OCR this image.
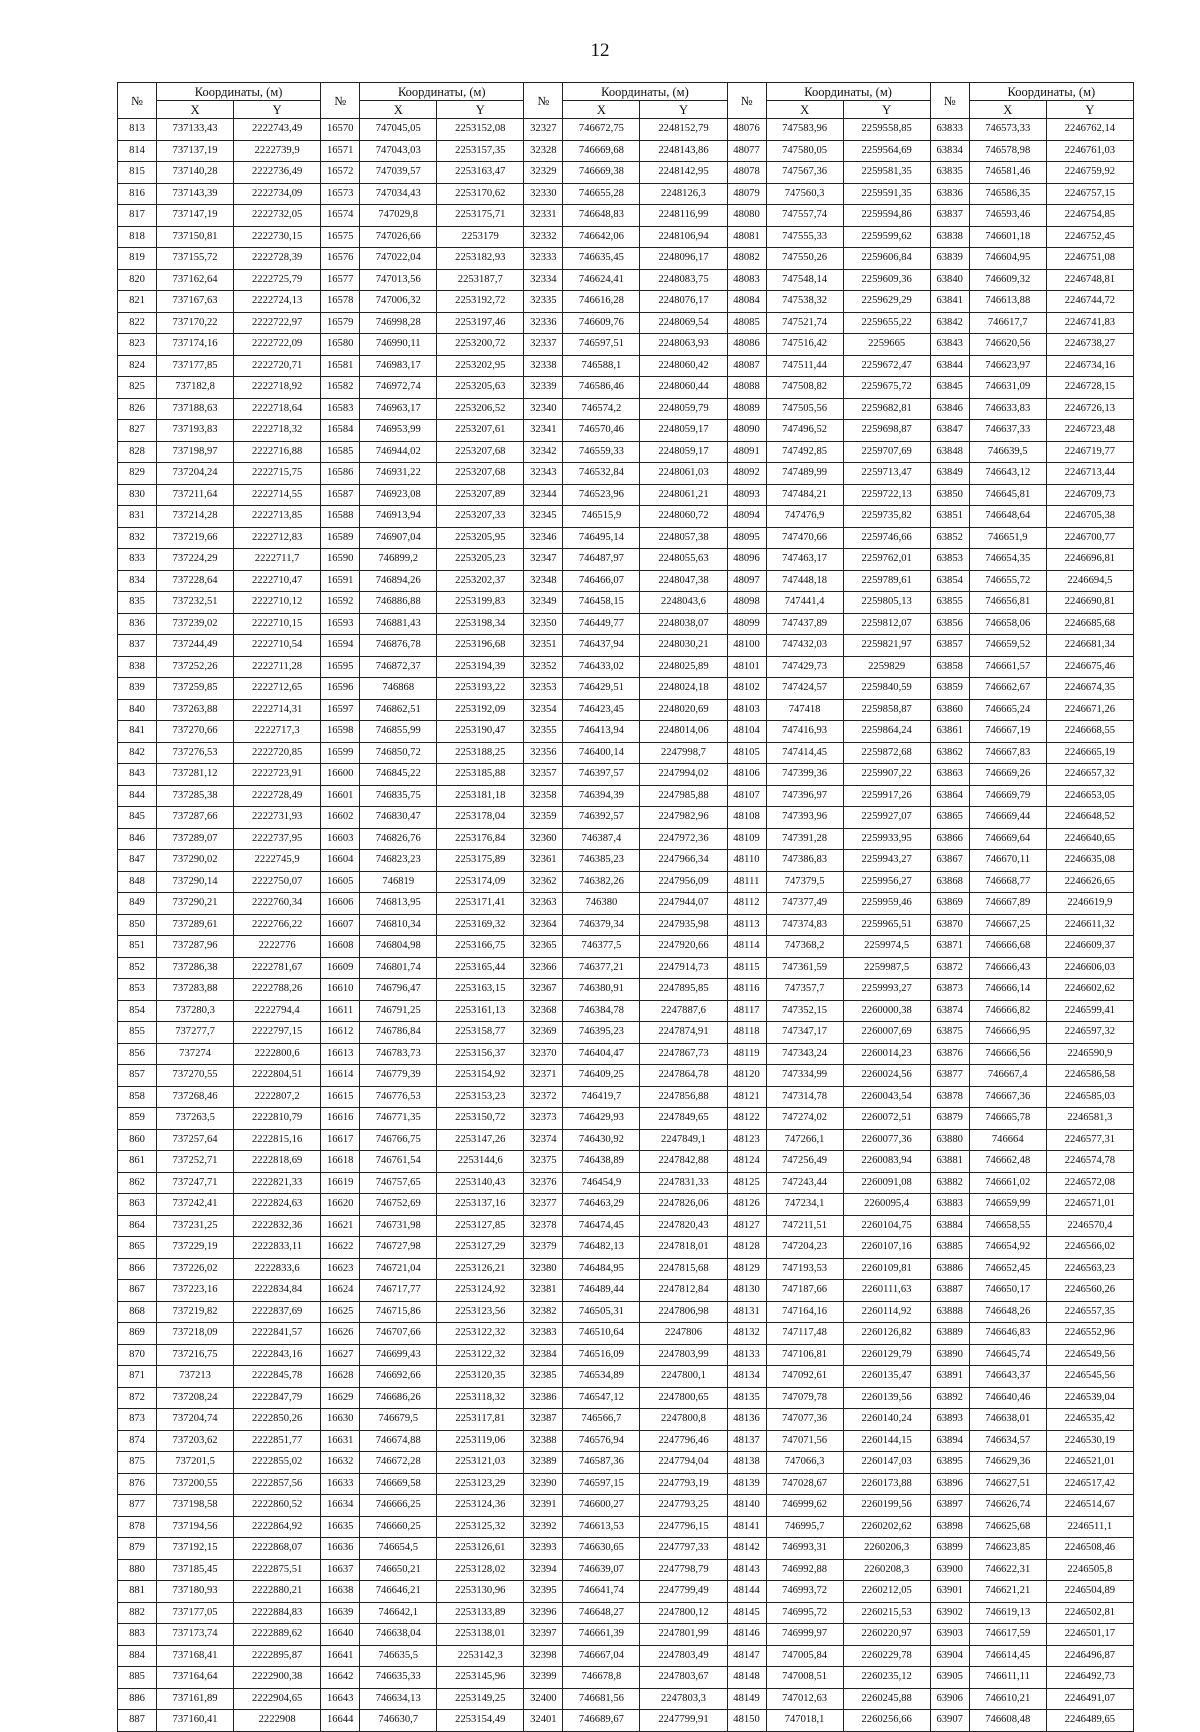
12
№	Координаты, (м)		№	Координаты, (м)		№	Координаты, (м)		№	Координаты, (м)		№	Координаты, (м)	
	X	Y		X	Y		X	Y		X	Y		X	Y
813	737133,43	2222743,49	16570	747045,05	2253152,08	32327	746672,75	2248152,79	48076	747583,96	2259558,85	63833	746573,33	2246762,14
814	737137,19	2222739,9	16571	747043,03	2253157,35	32328	746669,68	2248143,86	48077	747580,05	2259564,69	63834	746578,98	2246761,03
815	737140,28	2222736,49	16572	747039,57	2253163,47	32329	746669,38	2248142,95	48078	747567,36	2259581,35	63835	746581,46	2246759,92
816	737143,39	2222734,09	16573	747034,43	2253170,62	32330	746655,28	2248126,3	48079	747560,3	2259591,35	63836	746586,35	2246757,15
817	737147,19	2222732,05	16574	747029,8	2253175,71	32331	746648,83	2248116,99	48080	747557,74	2259594,86	63837	746593,46	2246754,85
818	737150,81	2222730,15	16575	747026,66	2253179	32332	746642,06	2248106,94	48081	747555,33	2259599,62	63838	746601,18	2246752,45
819	737155,72	2222728,39	16576	747022,04	2253182,93	32333	746635,45	2248096,17	48082	747550,26	2259606,84	63839	746604,95	2246751,08
820	737162,64	2222725,79	16577	747013,56	2253187,7	32334	746624,41	2248083,75	48083	747548,14	2259609,36	63840	746609,32	2246748,81
821	737167,63	2222724,13	16578	747006,32	2253192,72	32335	746616,28	2248076,17	48084	747538,32	2259629,29	63841	746613,88	2246744,72
822	737170,22	2222722,97	16579	746998,28	2253197,46	32336	746609,76	2248069,54	48085	747521,74	2259655,22	63842	746617,7	2246741,83
823	737174,16	2222722,09	16580	746990,11	2253200,72	32337	746597,51	2248063,93	48086	747516,42	2259665	63843	746620,56	2246738,27
824	737177,85	2222720,71	16581	746983,17	2253202,95	32338	746588,1	2248060,42	48087	747511,44	2259672,47	63844	746623,97	2246734,16
825	737182,8	2222718,92	16582	746972,74	2253205,63	32339	746586,46	2248060,44	48088	747508,82	2259675,72	63845	746631,09	2246728,15
826	737188,63	2222718,64	16583	746963,17	2253206,52	32340	746574,2	2248059,79	48089	747505,56	2259682,81	63846	746633,83	2246726,13
827	737193,83	2222718,32	16584	746953,99	2253207,61	32341	746570,46	2248059,17	48090	747496,52	2259698,87	63847	746637,33	2246723,48
828	737198,97	2222716,88	16585	746944,02	2253207,68	32342	746559,33	2248059,17	48091	747492,85	2259707,69	63848	746639,5	2246719,77
829	737204,24	2222715,75	16586	746931,22	2253207,68	32343	746532,84	2248061,03	48092	747489,99	2259713,47	63849	746643,12	2246713,44
830	737211,64	2222714,55	16587	746923,08	2253207,89	32344	746523,96	2248061,21	48093	747484,21	2259722,13	63850	746645,81	2246709,73
831	737214,28	2222713,85	16588	746913,94	2253207,33	32345	746515,9	2248060,72	48094	747476,9	2259735,82	63851	746648,64	2246705,38
832	737219,66	2222712,83	16589	746907,04	2253205,95	32346	746495,14	2248057,38	48095	747470,66	2259746,66	63852	746651,9	2246700,77
833	737224,29	2222711,7	16590	746899,2	2253205,23	32347	746487,97	2248055,63	48096	747463,17	2259762,01	63853	746654,35	2246696,81
834	737228,64	2222710,47	16591	746894,26	2253202,37	32348	746466,07	2248047,38	48097	747448,18	2259789,61	63854	746655,72	2246694,5
835	737232,51	2222710,12	16592	746886,88	2253199,83	32349	746458,15	2248043,6	48098	747441,4	2259805,13	63855	746656,81	2246690,81
836	737239,02	2222710,15	16593	746881,43	2253198,34	32350	746449,77	2248038,07	48099	747437,89	2259812,07	63856	746658,06	2246685,68
837	737244,49	2222710,54	16594	746876,78	2253196,68	32351	746437,94	2248030,21	48100	747432,03	2259821,97	63857	746659,52	2246681,34
838	737252,26	2222711,28	16595	746872,37	2253194,39	32352	746433,02	2248025,89	48101	747429,73	2259829	63858	746661,57	2246675,46
839	737259,85	2222712,65	16596	746868	2253193,22	32353	746429,51	2248024,18	48102	747424,57	2259840,59	63859	746662,67	2246674,35
840	737263,88	2222714,31	16597	746862,51	2253192,09	32354	746423,45	2248020,69	48103	747418	2259858,87	63860	746665,24	2246671,26
841	737270,66	2222717,3	16598	746855,99	2253190,47	32355	746413,94	2248014,06	48104	747416,93	2259864,24	63861	746667,19	2246668,55
842	737276,53	2222720,85	16599	746850,72	2253188,25	32356	746400,14	2247998,7	48105	747414,45	2259872,68	63862	746667,83	2246665,19
843	737281,12	2222723,91	16600	746845,22	2253185,88	32357	746397,57	2247994,02	48106	747399,36	2259907,22	63863	746669,26	2246657,32
844	737285,38	2222728,49	16601	746835,75	2253181,18	32358	746394,39	2247985,88	48107	747396,97	2259917,26	63864	746669,79	2246653,05
845	737287,66	2222731,93	16602	746830,47	2253178,04	32359	746392,57	2247982,96	48108	747393,96	2259927,07	63865	746669,44	2246648,52
846	737289,07	2222737,95	16603	746826,76	2253176,84	32360	746387,4	2247972,36	48109	747391,28	2259933,95	63866	746669,64	2246640,65
847	737290,02	2222745,9	16604	746823,23	2253175,89	32361	746385,23	2247966,34	48110	747386,83	2259943,27	63867	746670,11	2246635,08
848	737290,14	2222750,07	16605	746819	2253174,09	32362	746382,26	2247956,09	48111	747379,5	2259956,27	63868	746668,77	2246626,65
849	737290,21	2222760,34	16606	746813,95	2253171,41	32363	746380	2247944,07	48112	747377,49	2259959,46	63869	746667,89	2246619,9
850	737289,61	2222766,22	16607	746810,34	2253169,32	32364	746379,34	2247935,98	48113	747374,83	2259965,51	63870	746667,25	2246611,32
851	737287,96	2222776	16608	746804,98	2253166,75	32365	746377,5	2247920,66	48114	747368,2	2259974,5	63871	746666,68	2246609,37
852	737286,38	2222781,67	16609	746801,74	2253165,44	32366	746377,21	2247914,73	48115	747361,59	2259987,5	63872	746666,43	2246606,03
853	737283,88	2222788,26	16610	746796,47	2253163,15	32367	746380,91	2247895,85	48116	747357,7	2259993,27	63873	746666,14	2246602,62
854	737280,3	2222794,4	16611	746791,25	2253161,13	32368	746384,78	2247887,6	48117	747352,15	2260000,38	63874	746666,82	2246599,41
855	737277,7	2222797,15	16612	746786,84	2253158,77	32369	746395,23	2247874,91	48118	747347,17	2260007,69	63875	746666,95	2246597,32
856	737274	2222800,6	16613	746783,73	2253156,37	32370	746404,47	2247867,73	48119	747343,24	2260014,23	63876	746666,56	2246590,9
857	737270,55	2222804,51	16614	746779,39	2253154,92	32371	746409,25	2247864,78	48120	747334,99	2260024,56	63877	746667,4	2246586,58
858	737268,46	2222807,2	16615	746776,53	2253153,23	32372	746419,7	2247856,88	48121	747314,78	2260043,54	63878	746667,36	2246585,03
859	737263,5	2222810,79	16616	746771,35	2253150,72	32373	746429,93	2247849,65	48122	747274,02	2260072,51	63879	746665,78	2246581,3
860	737257,64	2222815,16	16617	746766,75	2253147,26	32374	746430,92	2247849,1	48123	747266,1	2260077,36	63880	746664	2246577,31
861	737252,71	2222818,69	16618	746761,54	2253144,6	32375	746438,89	2247842,88	48124	747256,49	2260083,94	63881	746662,48	2246574,78
862	737247,71	2222821,33	16619	746757,65	2253140,43	32376	746454,9	2247831,33	48125	747243,44	2260091,08	63882	746661,02	2246572,08
863	737242,41	2222824,63	16620	746752,69	2253137,16	32377	746463,29	2247826,06	48126	747234,1	2260095,4	63883	746659,99	2246571,01
864	737231,25	2222832,36	16621	746731,98	2253127,85	32378	746474,45	2247820,43	48127	747211,51	2260104,75	63884	746658,55	2246570,4
865	737229,19	2222833,11	16622	746727,98	2253127,29	32379	746482,13	2247818,01	48128	747204,23	2260107,16	63885	746654,92	2246566,02
866	737226,02	2222833,6	16623	746721,04	2253126,21	32380	746484,95	2247815,68	48129	747193,53	2260109,81	63886	746652,45	2246563,23
867	737223,16	2222834,84	16624	746717,77	2253124,92	32381	746489,44	2247812,84	48130	747187,66	2260111,63	63887	746650,17	2246560,26
868	737219,82	2222837,69	16625	746715,86	2253123,56	32382	746505,31	2247806,98	48131	747164,16	2260114,92	63888	746648,26	2246557,35
869	737218,09	2222841,57	16626	746707,66	2253122,32	32383	746510,64	2247806	48132	747117,48	2260126,82	63889	746646,83	2246552,96
870	737216,75	2222843,16	16627	746699,43	2253122,32	32384	746516,09	2247803,99	48133	747106,81	2260129,79	63890	746645,74	2246549,56
871	737213	2222845,78	16628	746692,66	2253120,35	32385	746534,89	2247800,1	48134	747092,61	2260135,47	63891	746643,37	2246545,56
872	737208,24	2222847,79	16629	746686,26	2253118,32	32386	746547,12	2247800,65	48135	747079,78	2260139,56	63892	746640,46	2246539,04
873	737204,74	2222850,26	16630	746679,5	2253117,81	32387	746566,7	2247800,8	48136	747077,36	2260140,24	63893	746638,01	2246535,42
874	737203,62	2222851,77	16631	746674,88	2253119,06	32388	746576,94	2247796,46	48137	747071,56	2260144,15	63894	746634,57	2246530,19
875	737201,5	2222855,02	16632	746672,28	2253121,03	32389	746587,36	2247794,04	48138	747066,3	2260147,03	63895	746629,36	2246521,01
876	737200,55	2222857,56	16633	746669,58	2253123,29	32390	746597,15	2247793,19	48139	747028,67	2260173,88	63896	746627,51	2246517,42
877	737198,58	2222860,52	16634	746666,25	2253124,36	32391	746600,27	2247793,25	48140	746999,62	2260199,56	63897	746626,74	2246514,67
878	737194,56	2222864,92	16635	746660,25	2253125,32	32392	746613,53	2247796,15	48141	746995,7	2260202,62	63898	746625,68	2246511,1
879	737192,15	2222868,07	16636	746654,5	2253126,61	32393	746630,65	2247797,33	48142	746993,31	2260206,3	63899	746623,85	2246508,46
880	737185,45	2222875,51	16637	746650,21	2253128,02	32394	746639,07	2247798,79	48143	746992,88	2260208,3	63900	746622,31	2246505,8
881	737180,93	2222880,21	16638	746646,21	2253130,96	32395	746641,74	2247799,49	48144	746993,72	2260212,05	63901	746621,21	2246504,89
882	737177,05	2222884,83	16639	746642,1	2253133,89	32396	746648,27	2247800,12	48145	746995,72	2260215,53	63902	746619,13	2246502,81
883	737173,74	2222889,62	16640	746638,04	2253138,01	32397	746661,39	2247801,99	48146	746999,97	2260220,97	63903	746617,59	2246501,17
884	737168,41	2222895,87	16641	746635,5	2253142,3	32398	746667,04	2247803,49	48147	747005,84	2260229,78	63904	746614,45	2246496,87
885	737164,64	2222900,38	16642	746635,33	2253145,96	32399	746678,8	2247803,67	48148	747008,51	2260235,12	63905	746611,11	2246492,73
886	737161,89	2222904,65	16643	746634,13	2253149,25	32400	746681,56	2247803,3	48149	747012,63	2260245,88	63906	746610,21	2246491,07
887	737160,41	2222908	16644	746630,7	2253154,49	32401	746689,67	2247799,91	48150	747018,1	2260256,66	63907	746608,48	2246489,65
